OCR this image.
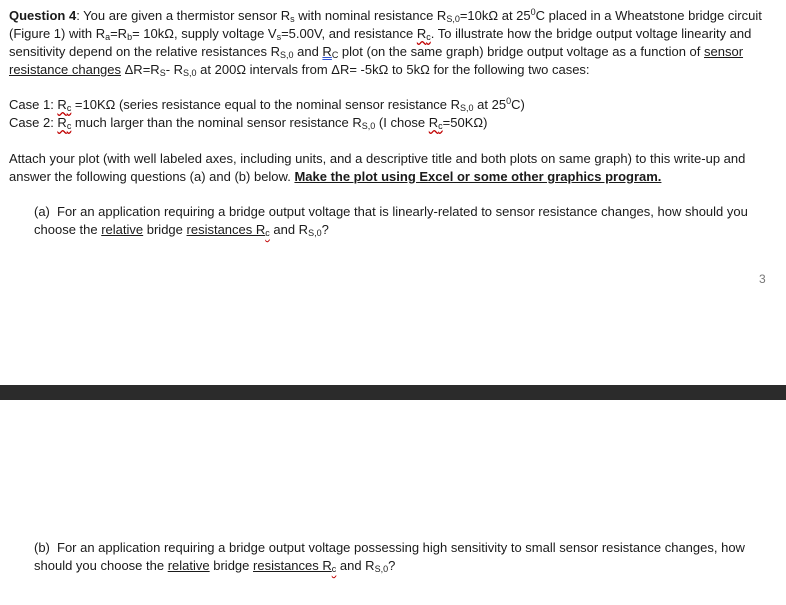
Question 4: You are given a thermistor sensor $R_s$ with nominal resistance $R_{S,0}=10k\Omega$ at $25^0C$ placed in a Wheatstone bridge circuit (Figure 1) with $R_a=R_b= 10k\Omega$, supply voltage $V_s=5.00V$, and resistance $R_c$. To illustrate how the bridge output voltage linearity and sensitivity depend on the relative resistances $R_{S,0}$ and $R_C$ plot (on the same graph) bridge output voltage as a function of sensor resistance changes $\Delta R=R_S-$ $R_{S,0}$ at 200Ω intervals from ΔR= -5kΩ to 5kΩ for the following two cases:

Case 1: $R_c =10K\Omega$ (series resistance equal to the nominal sensor resistance $R_{S,0}$ at $25^0C$)
Case 2: $R_c$ much larger than the nominal sensor resistance $R_{S,0}$ (I chose $R_c=50K\Omega$)

Attach your plot (with well labeled axes, including units, and a descriptive title and both plots on same graph) to this write-up and answer the following questions (a) and (b) below. Make the plot using Excel or some other graphics program.

(a) For an application requiring a bridge output voltage that is linearly-related to sensor resistance changes, how should you choose the relative bridge resistances $R_c$ and $R_{S,0}$?
3
(b) For an application requiring a bridge output voltage possessing high sensitivity to small sensor resistance changes, how should you choose the relative bridge resistances $R_c$ and $R_{S,0}$?
